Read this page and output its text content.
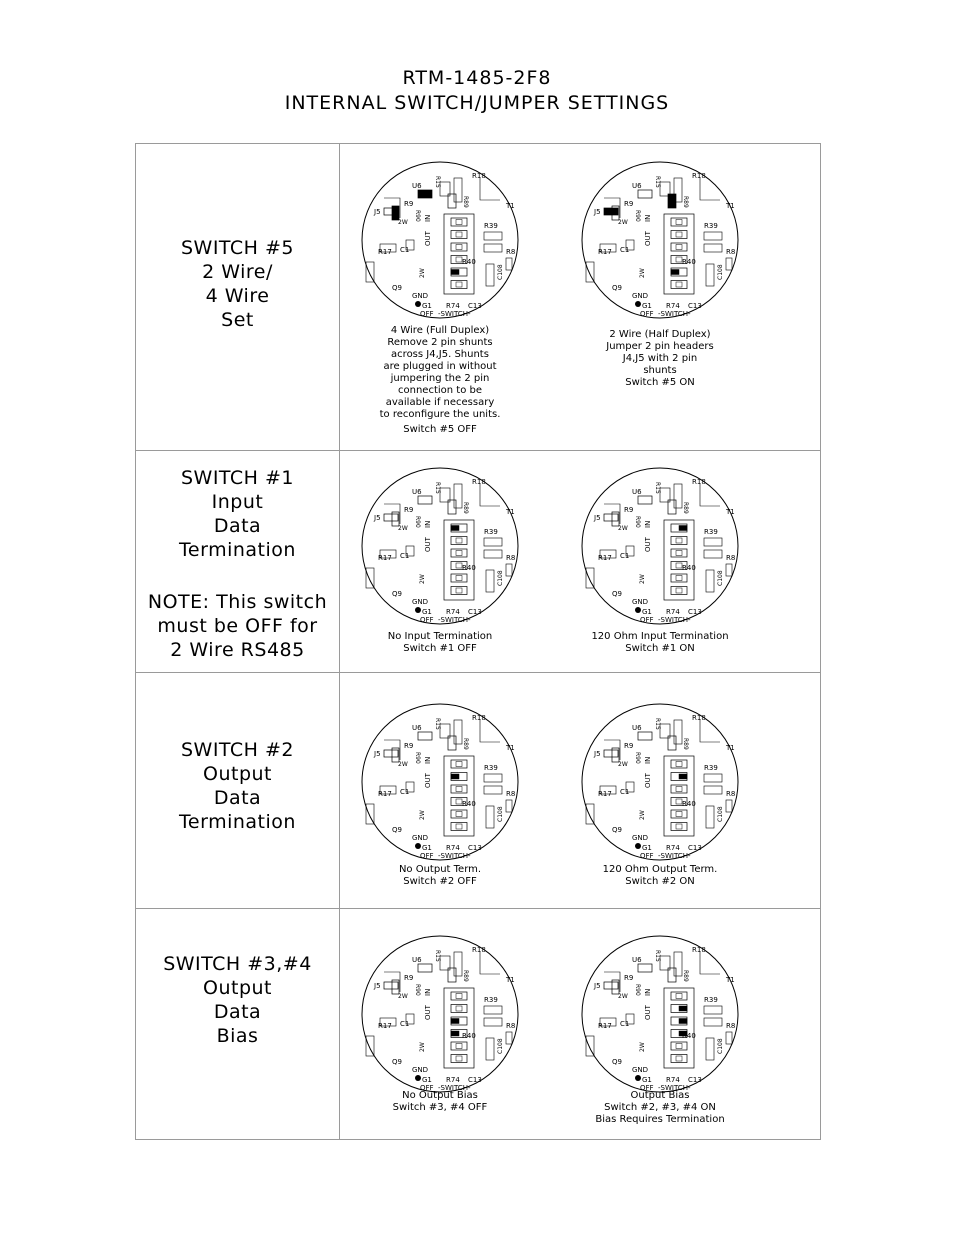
RTM-1485-2F8
INTERNAL SWITCH/JUMPER SETTINGS
SWITCH #5
2 Wire/
4 Wire
Set
U6 R15	R18
J5
R9
2W
R90
R89	T1
OUT
IN
R39
R17 C1
R40
R8
2W
Q9
C108
GND
G1 R74 C13
OFF -SWITCH-
4 Wire (Full Duplex)
Remove 2 pin shunts
across J4,J5. Shunts
are plugged in without
jumpering the 2 pin
connection to be
available if necessary
to reconfigure the units.

Switch #5 OFF
U6 R15	R18
J5
R9
2W
R90
R89	T1
OUT
IN
R39
R17 C1
R40
R8
2W
Q9
C108
GND
G1 R74 C13
OFF -SWITCH-
2 Wire (Half Duplex)
Jumper 2 pin headers
J4,J5 with 2 pin
shunts
Switch #5 ON
SWITCH #1
Input
Data
Termination
NOTE: This switch
must be OFF for
2 Wire RS485
U6 R15	R18
J5
R9
2W
R90
R89	T1
OUT
IN
R39
R17 C1
R40
R8
2W
Q9
C108
GND
G1 R74 C13
OFF -SWITCH-
No Input Termination
Switch #1 OFF
U6 R15	R18
J5
R9
2W
R90
R89	T1
OUT
IN
R39
R17 C1
R40
R8
2W
Q9
C108
GND
G1 R74 C13
OFF -SWITCH-
120 Ohm Input Termination
Switch #1 ON
SWITCH #2
Output
Data
Termination
U6 R15	R18
J5
R9
2W
R90
R89	T1
OUT
IN
R39
R17 C1
R40
R8
2W
Q9
C108
GND
G1 R74 C13
OFF -SWITCH-
No Output Term.
Switch #2 OFF
U6 R15	R18
J5
R9
2W
R90
R89	T1
OUT
IN
R39
R17 C1
R40
R8
2W
Q9
C108
GND
G1 R74 C13
OFF -SWITCH-
120 Ohm Output Term.
Switch #2 ON
SWITCH #3,#4
Output
Data
Bias
U6 R15	R18
J5
R9
2W
R90
R89	T1
OUT
IN
R39
R17 C1
R40
R8
2W
Q9
C108
GND
G1 R74 C13
OFF -SWITCH-
No Output Bias
Switch #3, #4 OFF
U6 R15	R18
J5
R9
2W
R90
R89	T1
OUT
IN
R39
R17 C1
R40
R8
2W
Q9
C108
GND
G1 R74 C13
OFF -SWITCH-
Output Bias
Switch #2, #3, #4 ON
Bias Requires Termination
